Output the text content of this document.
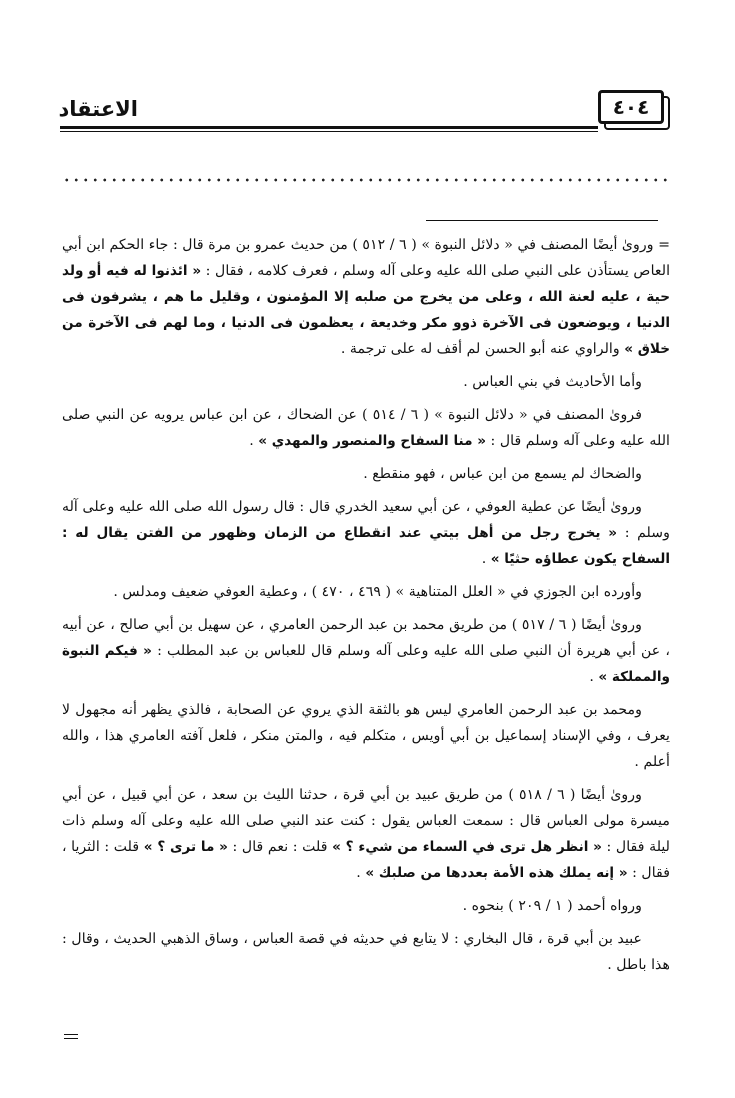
الاعتقاد	٤٠٤

= ورویٰ أیضًا المصنف في « دلائل النبوة » ( ٦ / ٥١٢ ) من حدیث عمرو بن مرة قال : جاء الحکم ابن أبي العاص یستأذن على النبي صلى الله علیه وعلى آله وسلم ، فعرف کلامه ، فقال : « ائذنوا له فیه أو ولد حیة ، علیه لعنة الله ، وعلى من یخرج من صلبه إلا المؤمنون ، وقلیل ما هم ، یشرفون فی الدنیا ، ویوضعون فی الآخرة ذوو مکر وخدیعة ، یعظمون فی الدنیا ، وما لهم فی الآخرة من خلاق » والراوي عنه أبو الحسن لم أقف له على ترجمة .

وأما الأحادیث في بني العباس .

فرویٰ المصنف في « دلائل النبوة » ( ٦ / ٥١٤ ) عن الضحاك ، عن ابن عباس یرویه عن النبي صلى الله علیه وعلى آله وسلم قال : « منا السفاح والمنصور والمهدي » .

والضحاك لم یسمع من ابن عباس ، فهو منقطع .

ورویٰ أیضًا عن عطیة العوفي ، عن أبي سعید الخدري قال : قال رسول الله صلى الله علیه وعلى آله وسلم : « یخرج رجل من أهل بیتي عند انقطاع من الزمان وظهور من الفتن یقال له : السفاح یکون عطاؤه حثیًا » .

وأورده ابن الجوزي في « العلل المتناهیة » ( ٤٦٩ ، ٤٧٠ ) ، وعطیة العوفي ضعیف ومدلس .

ورویٰ أیضًا ( ٦ / ٥١٧ ) من طریق محمد بن عبد الرحمن العامري ، عن سهیل بن أبي صالح ، عن أبیه ، عن أبي هریرة أن النبي صلى الله علیه وعلى آله وسلم قال للعباس بن عبد المطلب : « فیکم النبوة والمملکة » .

ومحمد بن عبد الرحمن العامري لیس هو بالثقة الذي یروي عن الصحابة ، فالذي یظهر أنه مجهول لا یعرف ، وفي الإسناد إسماعیل بن أبي أویس ، متکلم فیه ، والمتن منکر ، فلعل آفته العامري هذا ، والله أعلم .

ورویٰ أیضًا ( ٦ / ٥١٨ ) من طریق عبید بن أبي قرة ، حدثنا اللیث بن سعد ، عن أبي قبیل ، عن أبي میسرة مولى العباس قال : سمعت العباس یقول : کنت عند النبي صلى الله علیه وعلى آله وسلم ذات لیلة فقال : « انظر هل تری في السماء من شيء ؟ » قلت : نعم قال : « ما تری ؟ » قلت : الثریا ، فقال : « إنه یملك هذه الأمة بعددها من صلبك » .

ورواه أحمد ( ١ / ٢٠٩ ) بنحوه .

عبید بن أبي قرة ، قال البخاري : لا یتابع في حدیثه في قصة العباس ، وساق الذهبي الحدیث ، وقال : هذا باطل .
